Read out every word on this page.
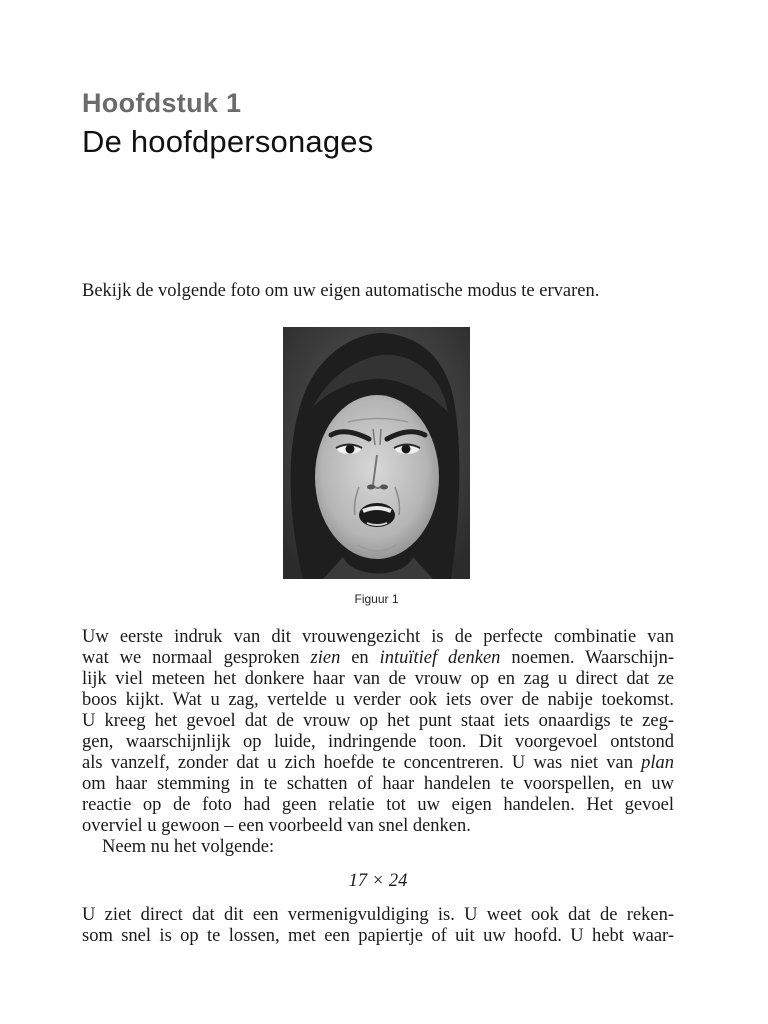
Hoofdstuk 1
De hoofdpersonages

Bekijk de volgende foto om uw eigen automatische modus te ervaren.

Figuur 1
Uw eerste indruk van dit vrouwengezicht is de perfecte combinatie van
wat we normaal gesproken zien en intuïtief denken noemen. Waarschijn-
lijk viel meteen het donkere haar van de vrouw op en zag u direct dat ze
boos kijkt. Wat u zag, vertelde u verder ook iets over de nabije toekomst.
U kreeg het gevoel dat de vrouw op het punt staat iets onaardigs te zeg-
gen, waarschijnlijk op luide, indringende toon. Dit voorgevoel ontstond
als vanzelf, zonder dat u zich hoefde te concentreren. U was niet van plan
om haar stemming in te schatten of haar handelen te voorspellen, en uw
reactie op de foto had geen relatie tot uw eigen handelen. Het gevoel
overviel u gewoon – een voorbeeld van snel denken.
Neem nu het volgende:
17 × 24
U ziet direct dat dit een vermenigvuldiging is. U weet ook dat de reken-
som snel is op te lossen, met een papiertje of uit uw hoofd. U hebt waar-
